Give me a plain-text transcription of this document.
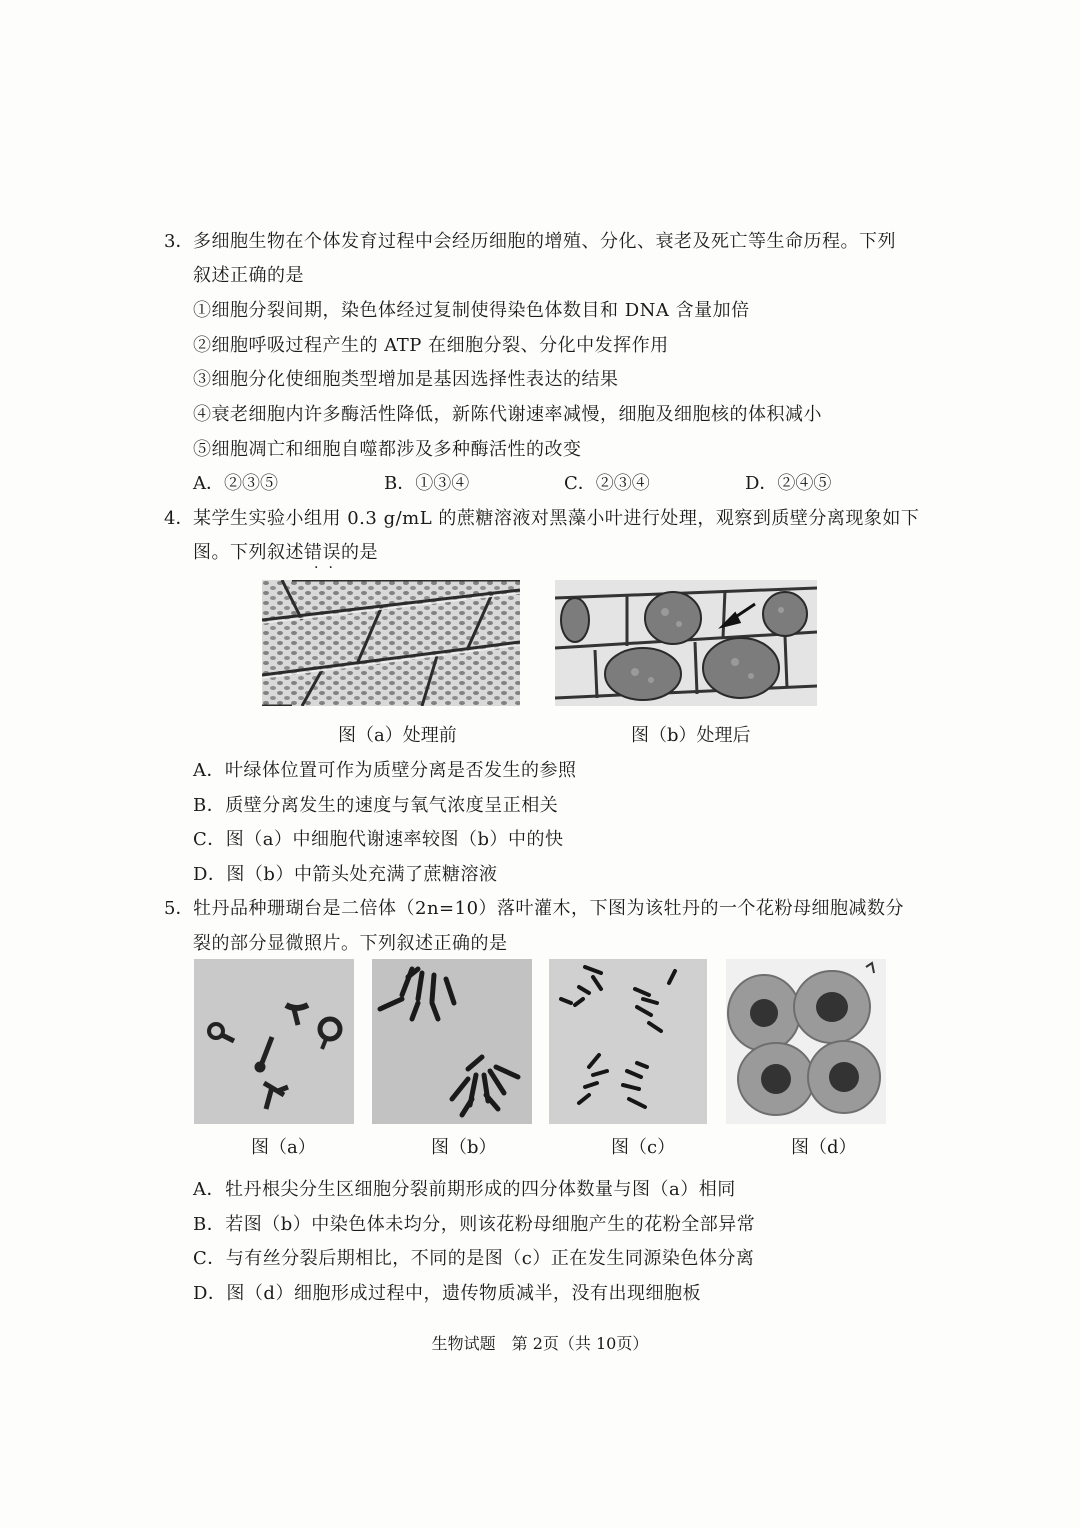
3． 多细胞生物在个体发育过程中会经历细胞的增殖、分化、衰老及死亡等生命历程。下列
叙述正确的是
①细胞分裂间期，染色体经过复制使得染色体数目和 DNA 含量加倍
②细胞呼吸过程产生的 ATP 在细胞分裂、分化中发挥作用
③细胞分化使细胞类型增加是基因选择性表达的结果
④衰老细胞内许多酶活性降低，新陈代谢速率减慢，细胞及细胞核的体积减小
⑤细胞凋亡和细胞自噬都涉及多种酶活性的改变
A．②③⑤	B．①③④	C．②③④	D．②④⑤
4． 某学生实验小组用 0.3 g/mL 的蔗糖溶液对黑藻小叶进行处理，观察到质壁分离现象如下
图。下列叙述错误的是
··
图（a）处理前	图（b）处理后
A．叶绿体位置可作为质壁分离是否发生的参照
B．质壁分离发生的速度与氧气浓度呈正相关
C．图（a）中细胞代谢速率较图（b）中的快
D．图（b）中箭头处充满了蔗糖溶液
5． 牡丹品种珊瑚台是二倍体（2n=10）落叶灌木，下图为该牡丹的一个花粉母细胞减数分
裂的部分显微照片。下列叙述正确的是
图（a）	图（b）	图（c）	图（d）
A．牡丹根尖分生区细胞分裂前期形成的四分体数量与图（a）相同
B．若图（b）中染色体未均分，则该花粉母细胞产生的花粉全部异常
C．与有丝分裂后期相比，不同的是图（c）正在发生同源染色体分离
D．图（d）细胞形成过程中，遗传物质减半，没有出现细胞板
生物试题　第 2页（共 10页）
